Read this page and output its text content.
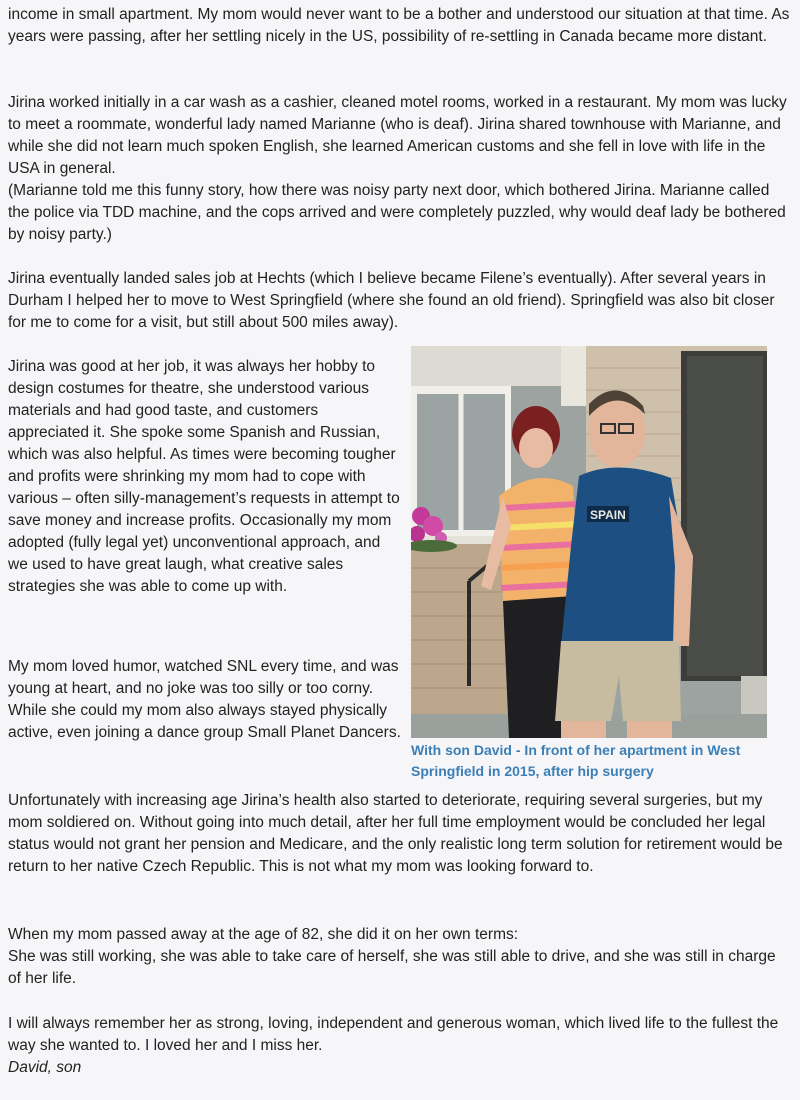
income in small apartment. My mom would never want to be a bother and understood our situation at that time. As years were passing, after her settling nicely in the US, possibility of re-settling in Canada became more distant.

Jirina worked initially in a car wash as a cashier, cleaned motel rooms, worked in a restaurant. My mom was lucky to meet a roommate, wonderful lady named Marianne (who is deaf). Jirina shared townhouse with Marianne, and while she did not learn much spoken English, she learned American customs and she fell in love with life in the USA in general.

(Marianne told me this funny story, how there was noisy party next door, which bothered Jirina. Marianne called the police via TDD machine, and the cops arrived and were completely puzzled, why would deaf lady be bothered by noisy party.)

Jirina eventually landed sales job at Hechts (which I believe became Filene’s eventually). After several years in Durham I helped her to move to West Springfield (where she found an old friend). Springfield was also bit closer for me to come for a visit, but still about 500 miles away).

Jirina was good at her job, it was always her hobby to design costumes for theatre, she understood various materials and had good taste, and customers appreciated it. She spoke some Spanish and Russian, which was also helpful. As times were becoming tougher and profits were shrinking my mom had to cope with various – often silly-management’s requests in attempt to save money and increase profits. Occasionally my mom adopted (fully legal yet) unconventional approach, and we used to have great laugh, what creative sales strategies she was able to come up with.

My mom loved humor, watched SNL every time, and was young at heart, and no joke was too silly or too corny. While she could my mom also always stayed physically active, even joining a dance group Small Planet Dancers.

SPAIN

With son David - In front of her apartment in West Springfield in 2015, after hip surgery

Unfortunately with increasing age Jirina’s health also started to deteriorate, requiring several surgeries, but my mom soldiered on. Without going into much detail, after her full time employment would be concluded her legal status would not grant her pension and Medicare, and the only realistic long term solution for retirement would be return to her native Czech Republic. This is not what my mom was looking forward to.

When my mom passed away at the age of 82, she did it on her own terms:

She was still working, she was able to take care of herself, she was still able to drive, and she was still in charge of her life.

I will always remember her as strong, loving, independent and generous woman, which lived life to the fullest the way she wanted to. I loved her and I miss her.

David, son
